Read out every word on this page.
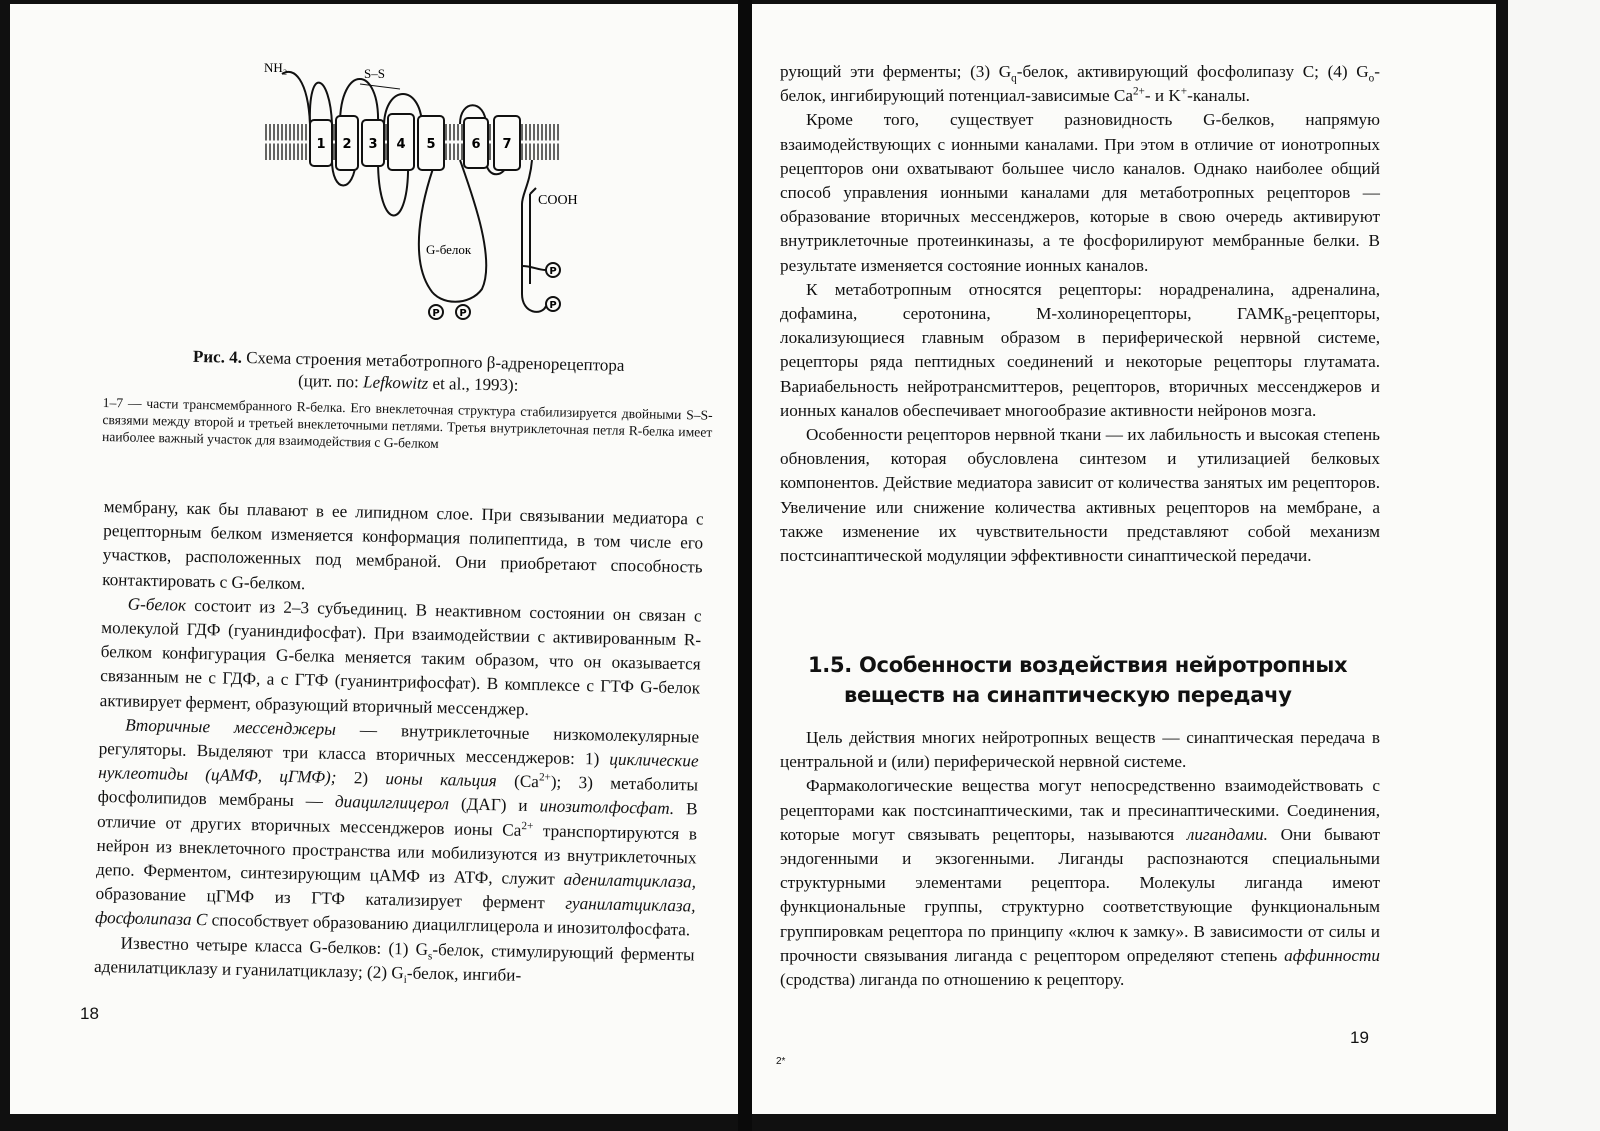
1 2 3 4 5	6 7
NH₂	S–S
COOH
G-белок
P P
P
P
Рис. 4. Схема строения метаботропного β-адренорецептора
(цит. по: Lefkowitz et al., 1993):
1–7 — части трансмембранного R-белка. Его внеклеточная структура стабилизируется двойными S–S-связями между второй и третьей внеклеточными петлями. Третья внутриклеточная петля R-белка имеет наиболее важный участок для взаимодействия с G-белком

мембрану, как бы плавают в ее липидном слое. При связывании медиатора с рецепторным белком изменяется конформация полипептида, в том числе его участков, расположенных под мембраной. Они приобретают способность контактировать с G-белком.

G-белок состоит из 2–3 субъединиц. В неактивном состоянии он связан с молекулой ГДФ (гуаниндифосфат). При взаимодействии с активированным R-белком конфигурация G-белка меняется таким образом, что он оказывается связанным не с ГДФ, а с ГТФ (гуанинтрифосфат). В комплексе с ГТФ G-белок активирует фермент, образующий вторичный мессенджер.

Вторичные мессенджеры — внутриклеточные низкомолекулярные регуляторы. Выделяют три класса вторичных мессенджеров: 1) циклические нуклеотиды (цАМФ, цГМФ); 2) ионы кальция $(Ca^{2+})$; 3) метаболиты фосфолипидов мембраны — диацилглицерол (ДАГ) и инозитолфосфат. В отличие от других вторичных мессенджеров ионы $Ca^{2+}$ транспортируются в нейрон из внеклеточного пространства или мобилизуются из внутриклеточных депо. Ферментом, синтезирующим цАМФ из АТФ, служит аденилатциклаза, образование цГМФ из ГТФ катализирует фермент гуанилатциклаза, фосфолипаза С способствует образованию диацилглицерола и инозитолфосфата.

Известно четыре класса G-белков: (1) $G_s$-белок, стимулирующий ферменты аденилатциклазу и гуанилатциклазу; (2) $G_i$-белок, ингиби-

18

рующий эти ферменты; (3) $G_q$-белок, активирующий фосфолипазу С; (4) $G_o$-белок, ингибирующий потенциал-зависимые $Ca^{2+}-$ и K+-каналы.

Кроме того, существует разновидность G-белков, напрямую взаимодействующих с ионными каналами. При этом в отличие от ионотропных рецепторов они охватывают большее число каналов. Однако наиболее общий способ управления ионными каналами для метаботропных рецепторов — образование вторичных мессенджеров, которые в свою очередь активируют внутриклеточные протеинкиназы, а те фосфорилируют мембранные белки. В результате изменяется состояние ионных каналов.

К метаботропным относятся рецепторы: норадреналина, адреналина, дофамина, серотонина, М-холинорецепторы, $ГАМК_B$-рецепторы, локализующиеся главным образом в периферической нервной системе, рецепторы ряда пептидных соединений и некоторые рецепторы глутамата. Вариабельность нейротрансмиттеров, рецепторов, вторичных мессенджеров и ионных каналов обеспечивает многообразие активности нейронов мозга.

Особенности рецепторов нервной ткани — их лабильность и высокая степень обновления, которая обусловлена синтезом и утилизацией белковых компонентов. Действие медиатора зависит от количества занятых им рецепторов. Увеличение или снижение количества активных рецепторов на мембране, а также изменение их чувствительности представляют собой механизм постсинаптической модуляции эффективности синаптической передачи.

1.5. Особенности воздействия нейротропных
веществ на синаптическую передачу

Цель действия многих нейротропных веществ — синаптическая передача в центральной и (или) периферической нервной системе.

Фармакологические вещества могут непосредственно взаимодействовать с рецепторами как постсинаптическими, так и пресинаптическими. Соединения, которые могут связывать рецепторы, называются лигандами. Они бывают эндогенными и экзогенными. Лиганды распознаются специальными структурными элементами рецептора. Молекулы лиганда имеют функциональные группы, структурно соответствующие функциональным группировкам рецептора по принципу «ключ к замку». В зависимости от силы и прочности связывания лиганда с рецептором определяют степень аффинности (сродства) лиганда по отношению к рецептору.

19
2*
